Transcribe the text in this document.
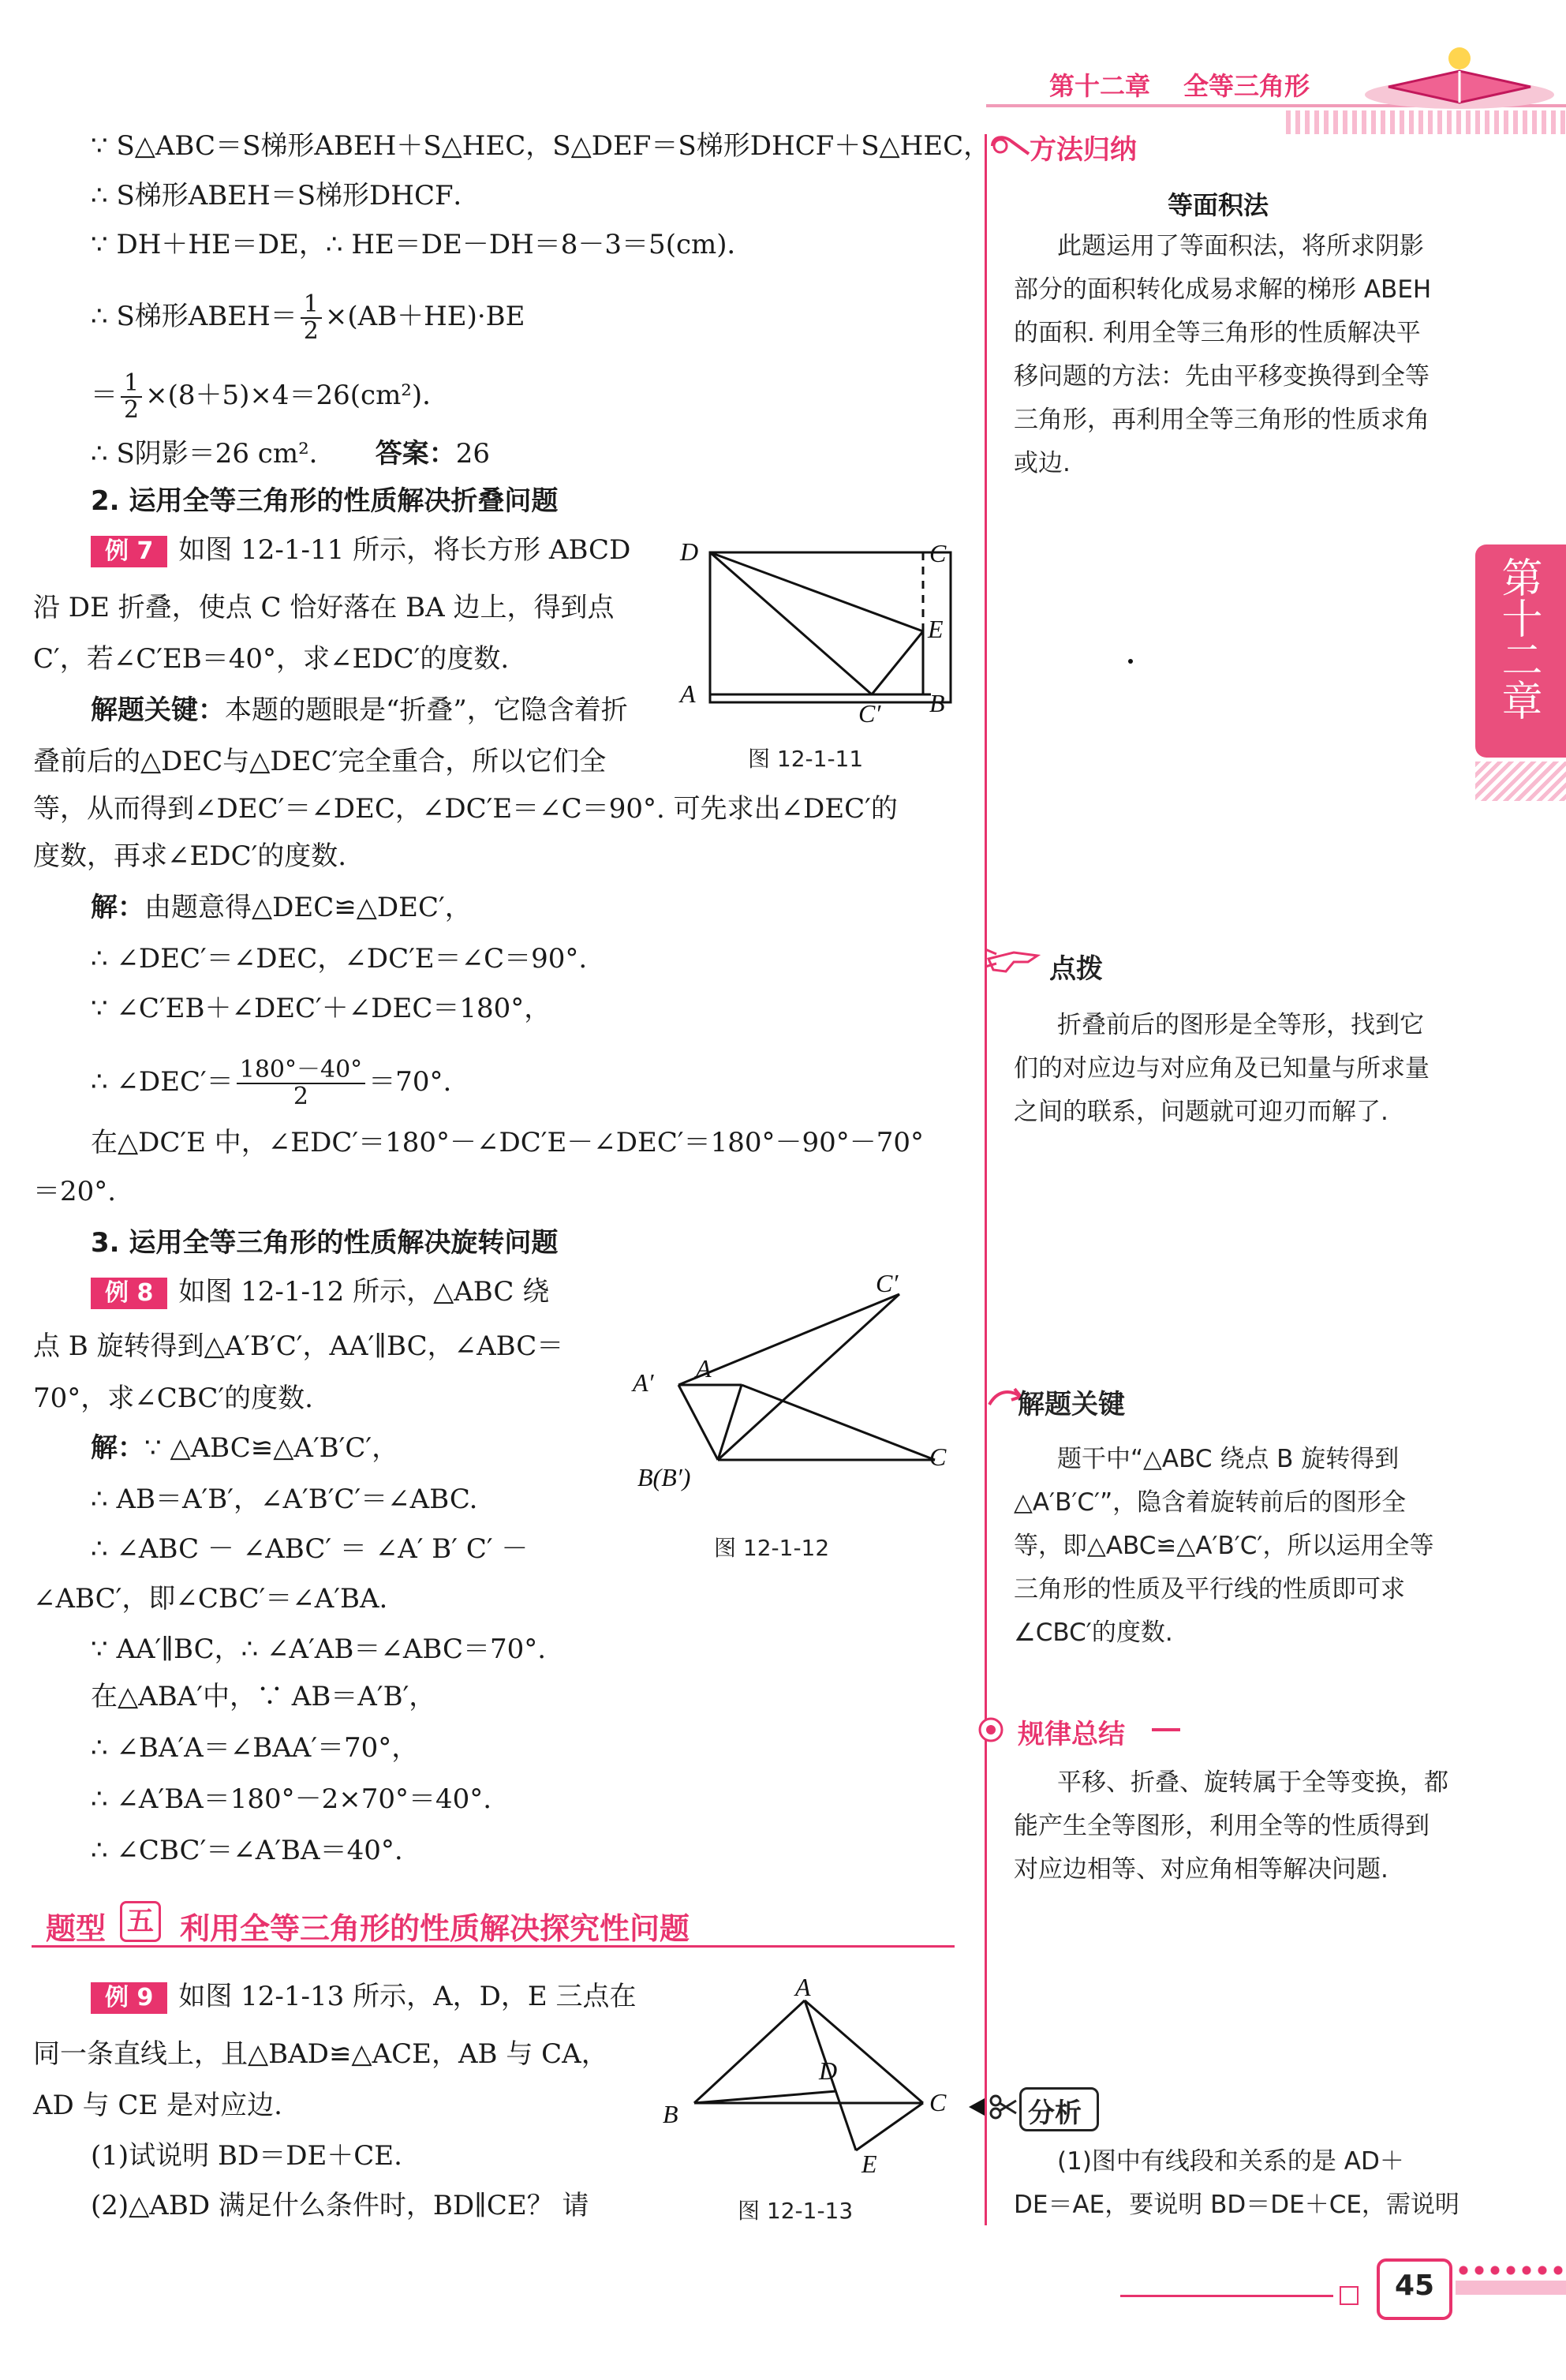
第十二章 全等三角形
第十二章
∵ S△ABC＝S梯形ABEH＋S△HEC，S△DEF＝S梯形DHCF＋S△HEC，
∴ S梯形ABEH＝S梯形DHCF．
∵ DH＋HE＝DE，∴ HE＝DE－DH＝8－3＝5(cm)．
∴ S梯形ABEH＝ $\frac{1}{2} \times(AB+HE)\cdot BE$
＝ $\frac{1}{2} \times(8+5)\times 4=26(cm^2)$．
∴ S阴影＝26 cm²． 答案：26
2. 运用全等三角形的性质解决折叠问题
例 7 如图 12-1-11 所示，将长方形 ABCD
沿 DE 折叠，使点 C 恰好落在 BA 边上，得到点
C′，若∠C′EB＝40°，求∠EDC′的度数.
解题关键：本题的题眼是“折叠”，它隐含着折
叠前后的△DEC与△DEC′完全重合，所以它们全
等，从而得到∠DEC′＝∠DEC，∠DC′E＝∠C＝90°. 可先求出∠DEC′的
度数，再求∠EDC′的度数.
D	C
E
A
C′ B
图 12-1-11
解：由题意得△DEC≌△DEC′，
∴ ∠DEC′＝∠DEC，∠DC′E＝∠C＝90°.
∵ ∠C′EB＋∠DEC′＋∠DEC＝180°，
∴ ∠DEC′＝ $\frac{180^\circ-40^\circ}{2} =70^\circ$.
在△DC′E 中，∠EDC′＝180°－∠DC′E－∠DEC′＝180°－90°－70°
＝20°.
3. 运用全等三角形的性质解决旋转问题
例 8 如图 12-1-12 所示，△ABC 绕
点 B 旋转得到△A′B′C′，AA′∥BC，∠ABC＝
70°，求∠CBC′的度数.
解：∵ △ABC≌△A′B′C′，
∴ AB＝A′B′，∠A′B′C′＝∠ABC.
∴ ∠ABC － ∠ABC′ ＝ ∠A′ B′ C′ －
∠ABC′，即∠CBC′＝∠A′BA.
∵ AA′∥BC，∴ ∠A′AB＝∠ABC＝70°.
在△ABA′中，∵ AB＝A′B′，
∴ ∠BA′A＝∠BAA′＝70°，
∴ ∠A′BA＝180°－2×70°＝40°.
∴ ∠CBC′＝∠A′BA＝40°.
C′
A′ A
B(B′)
C
图 12-1-12
题型 五 利用全等三角形的性质解决探究性问题
例 9 如图 12-1-13 所示，A，D，E 三点在
同一条直线上，且△BAD≌△ACE，AB 与 CA，
AD 与 CE 是对应边.
(1)试说明 BD＝DE＋CE.
(2)△ABD 满足什么条件时，BD∥CE？ 请
A
D
B	C
E
图 12-1-13
方法归纳
等面积法
此题运用了等面积法，将所求阴影
部分的面积转化成易求解的梯形 ABEH
的面积. 利用全等三角形的性质解决平
移问题的方法：先由平移变换得到全等
三角形，再利用全等三角形的性质求角
或边.
点拨
折叠前后的图形是全等形，找到它
们的对应边与对应角及已知量与所求量
之间的联系，问题就可迎刃而解了.
解题关键
题干中“△ABC 绕点 B 旋转得到
△A′B′C′”，隐含着旋转前后的图形全
等，即△ABC≌△A′B′C′，所以运用全等
三角形的性质及平行线的性质即可求
∠CBC′的度数.
规律总结
平移、折叠、旋转属于全等变换，都
能产生全等图形，利用全等的性质得到
对应边相等、对应角相等解决问题.
分析
(1)图中有线段和关系的是 AD＋
DE＝AE，要说明 BD＝DE＋CE，需说明
45
